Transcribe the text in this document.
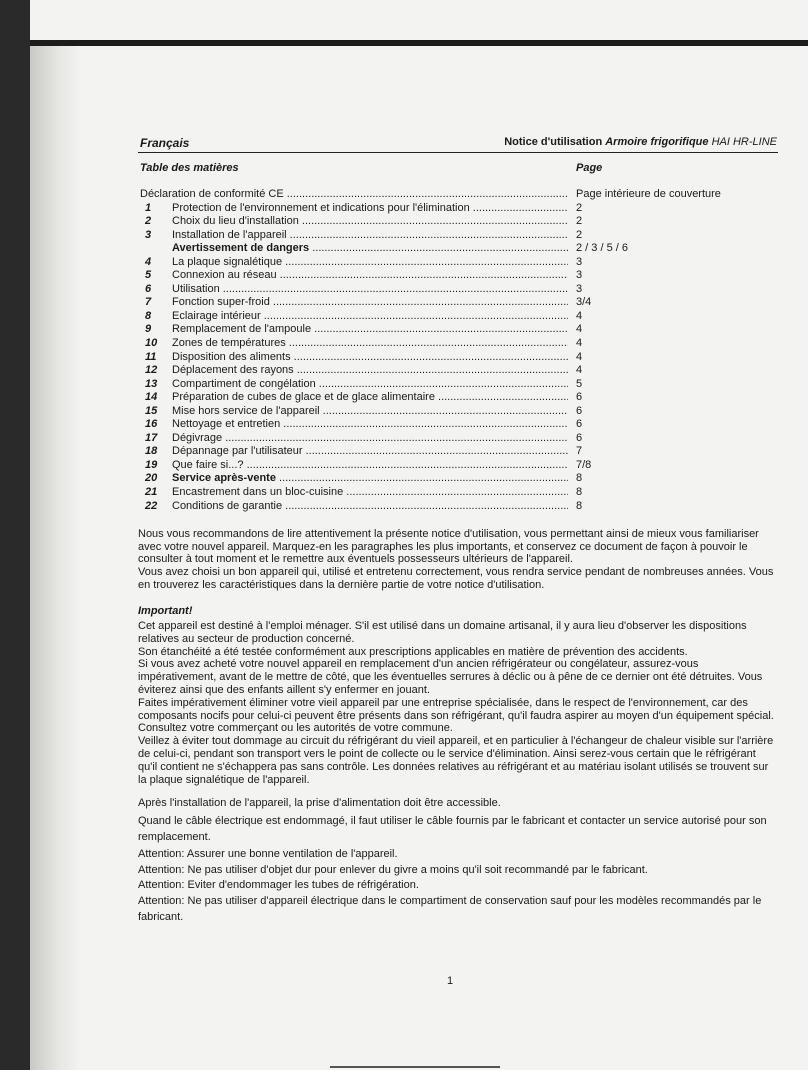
Français	Notice d'utilisation Armoire frigorifique HAI HR-LINE
Table des matières	Page
Déclaration de conformité CE .....	Page intérieure de couverture
1	Protection de l'environnement et indications pour l'élimination .....	2
2	Choix du lieu d'installation .....	2
3	Installation de l'appareil .....	2
Avertissement de dangers .....	2 / 3 / 5 / 6
4	La plaque signalétique .....	3
5	Connexion au réseau .....	3
6	Utilisation .....	3
7	Fonction super-froid .....	3/4
8	Eclairage intérieur .....	4
9	Remplacement de l'ampoule .....	4
10	Zones de températures .....	4
11	Disposition des aliments .....	4
12	Déplacement des rayons .....	4
13	Compartiment de congélation .....	5
14	Préparation de cubes de glace et de glace alimentaire .....	6
15	Mise hors service de l'appareil .....	6
16	Nettoyage et entretien .....	6
17	Dégivrage .....	6
18	Dépannage par l'utilisateur .....	7
19	Que faire si...? .....	7/8
20	Service après-vente .....	8
21	Encastrement dans un bloc-cuisine .....	8
22	Conditions de garantie .....	8

Nous vous recommandons de lire attentivement la présente notice d'utilisation, vous permettant ainsi de mieux vous familiariser avec votre nouvel appareil. Marquez-en les paragraphes les plus importants, et conservez ce document de façon à pouvoir le consulter à tout moment et le remettre aux éventuels possesseurs ultérieurs de l'appareil.

Vous avez choisi un bon appareil qui, utilisé et entretenu correctement, vous rendra service pendant de nombreuses années. Vous en trouverez les caractéristiques dans la dernière partie de votre notice d'utilisation.

Important!

Cet appareil est destiné à l'emploi ménager. S'il est utilisé dans un domaine artisanal, il y aura lieu d'observer les dispositions relatives au secteur de production concerné.

Son étanchéité a été testée conformément aux prescriptions applicables en matière de prévention des accidents.

Si vous avez acheté votre nouvel appareil en remplacement d'un ancien réfrigérateur ou congélateur, assurez-vous impérativement, avant de le mettre de côté, que les éventuelles serrures à déclic ou à pêne de ce dernier ont été détruites. Vous éviterez ainsi que des enfants aillent s'y enfermer en jouant.

Faites impérativement éliminer votre vieil appareil par une entreprise spécialisée, dans le respect de l'environnement, car des composants nocifs pour celui-ci peuvent être présents dans son réfrigérant, qu'il faudra aspirer au moyen d'un équipement spécial. Consultez votre commerçant ou les autorités de votre commune.

Veillez à éviter tout dommage au circuit du réfrigérant du vieil appareil, et en particulier à l'échangeur de chaleur visible sur l'arrière de celui-ci, pendant son transport vers le point de collecte ou le service d'élimination. Ainsi serez-vous certain que le réfrigérant qu'il contient ne s'échappera pas sans contrôle. Les données relatives au réfrigérant et au matériau isolant utilisés se trouvent sur la plaque signalétique de l'appareil.

Après l'installation de l'appareil, la prise d'alimentation doit être accessible.

Quand le câble électrique est endommagé, il faut utiliser le câble fournis par le fabricant et contacter un service autorisé pour son remplacement.

Attention: Assurer une bonne ventilation de l'appareil.

Attention: Ne pas utiliser d'objet dur pour enlever du givre a moins qu'il soit recommandé par le fabricant.

Attention: Eviter d'endommager les tubes de réfrigération.

Attention: Ne pas utiliser d'appareil électrique dans le compartiment de conservation sauf pour les modèles recommandés par le fabricant.

1
